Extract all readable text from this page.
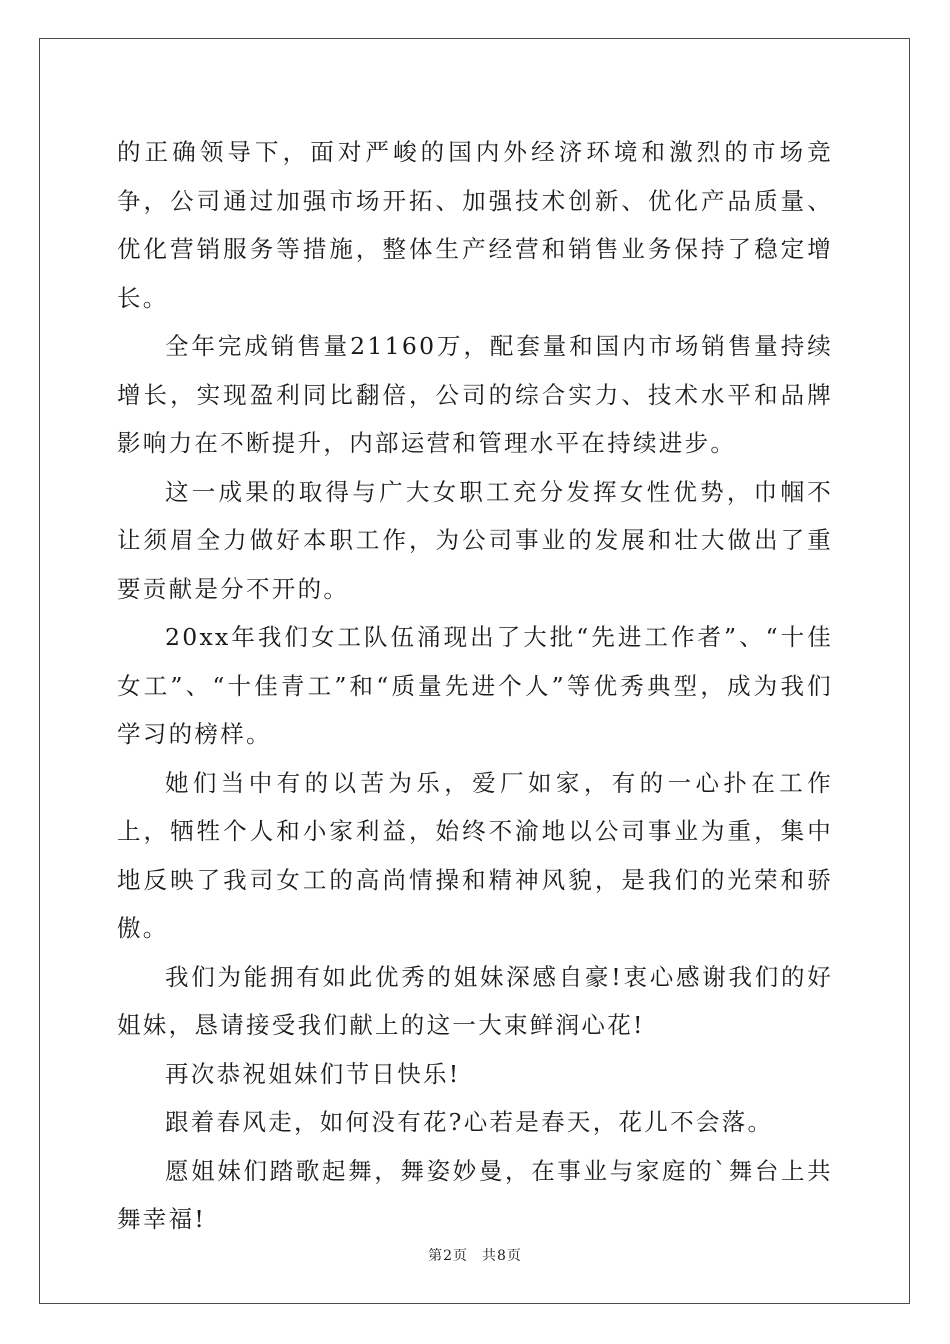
的正确领导下，面对严峻的国内外经济环境和激烈的市场竞争，公司通过加强市场开拓、加强技术创新、优化产品质量、优化营销服务等措施，整体生产经营和销售业务保持了稳定增长。

全年完成销售量21160万，配套量和国内市场销售量持续增长，实现盈利同比翻倍，公司的综合实力、技术水平和品牌影响力在不断提升，内部运营和管理水平在持续进步。

这一成果的取得与广大女职工充分发挥女性优势，巾帼不让须眉全力做好本职工作，为公司事业的发展和壮大做出了重要贡献是分不开的。

20xx年我们女工队伍涌现出了大批“先进工作者”、“十佳女工”、“十佳青工”和“质量先进个人”等优秀典型，成为我们学习的榜样。

她们当中有的以苦为乐，爱厂如家，有的一心扑在工作上，牺牲个人和小家利益，始终不渝地以公司事业为重，集中地反映了我司女工的高尚情操和精神风貌，是我们的光荣和骄傲。

我们为能拥有如此优秀的姐妹深感自豪!衷心感谢我们的好姐妹，恳请接受我们献上的这一大束鲜润心花!

再次恭祝姐妹们节日快乐!

跟着春风走，如何没有花?心若是春天，花儿不会落。

愿姐妹们踏歌起舞，舞姿妙曼，在事业与家庭的`舞台上共舞幸福!

第2页 共8页
